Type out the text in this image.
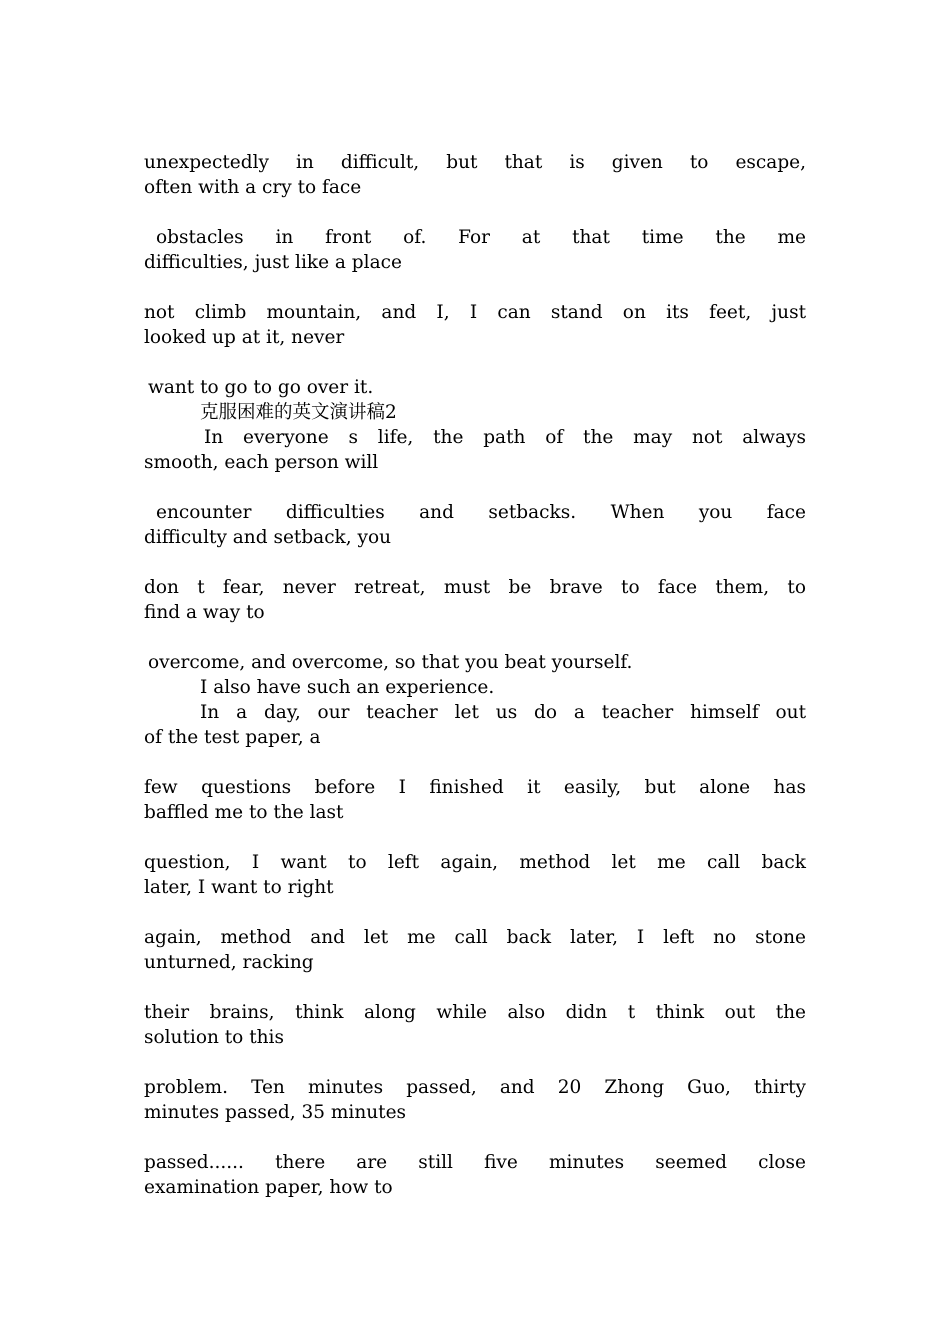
unexpectedly in difficult, but that is given to escape,
often with a cry to face

obstacles in front of. For at that time the me
difficulties, just like a place

not climb mountain, and I, I can stand on its feet, just
looked up at it, never

want to go to go over it.

克服困难的英文演讲稿2

In everyone s life, the path of the may not always
smooth, each person will

encounter difficulties and setbacks. When you face
difficulty and setback, you

don t fear, never retreat, must be brave to face them, to
find a way to

overcome, and overcome, so that you beat yourself.

I also have such an experience.

In a day, our teacher let us do a teacher himself out
of the test paper, a

few questions before I finished it easily, but alone has
baffled me to the last

question, I want to left again, method let me call back
later, I want to right

again, method and let me call back later, I left no stone
unturned, racking

their brains, think along while also didn t think out the
solution to this

problem. Ten minutes passed, and 20 Zhong Guo, thirty
minutes passed, 35 minutes

passed...... there are still five minutes seemed close
examination paper, how to
